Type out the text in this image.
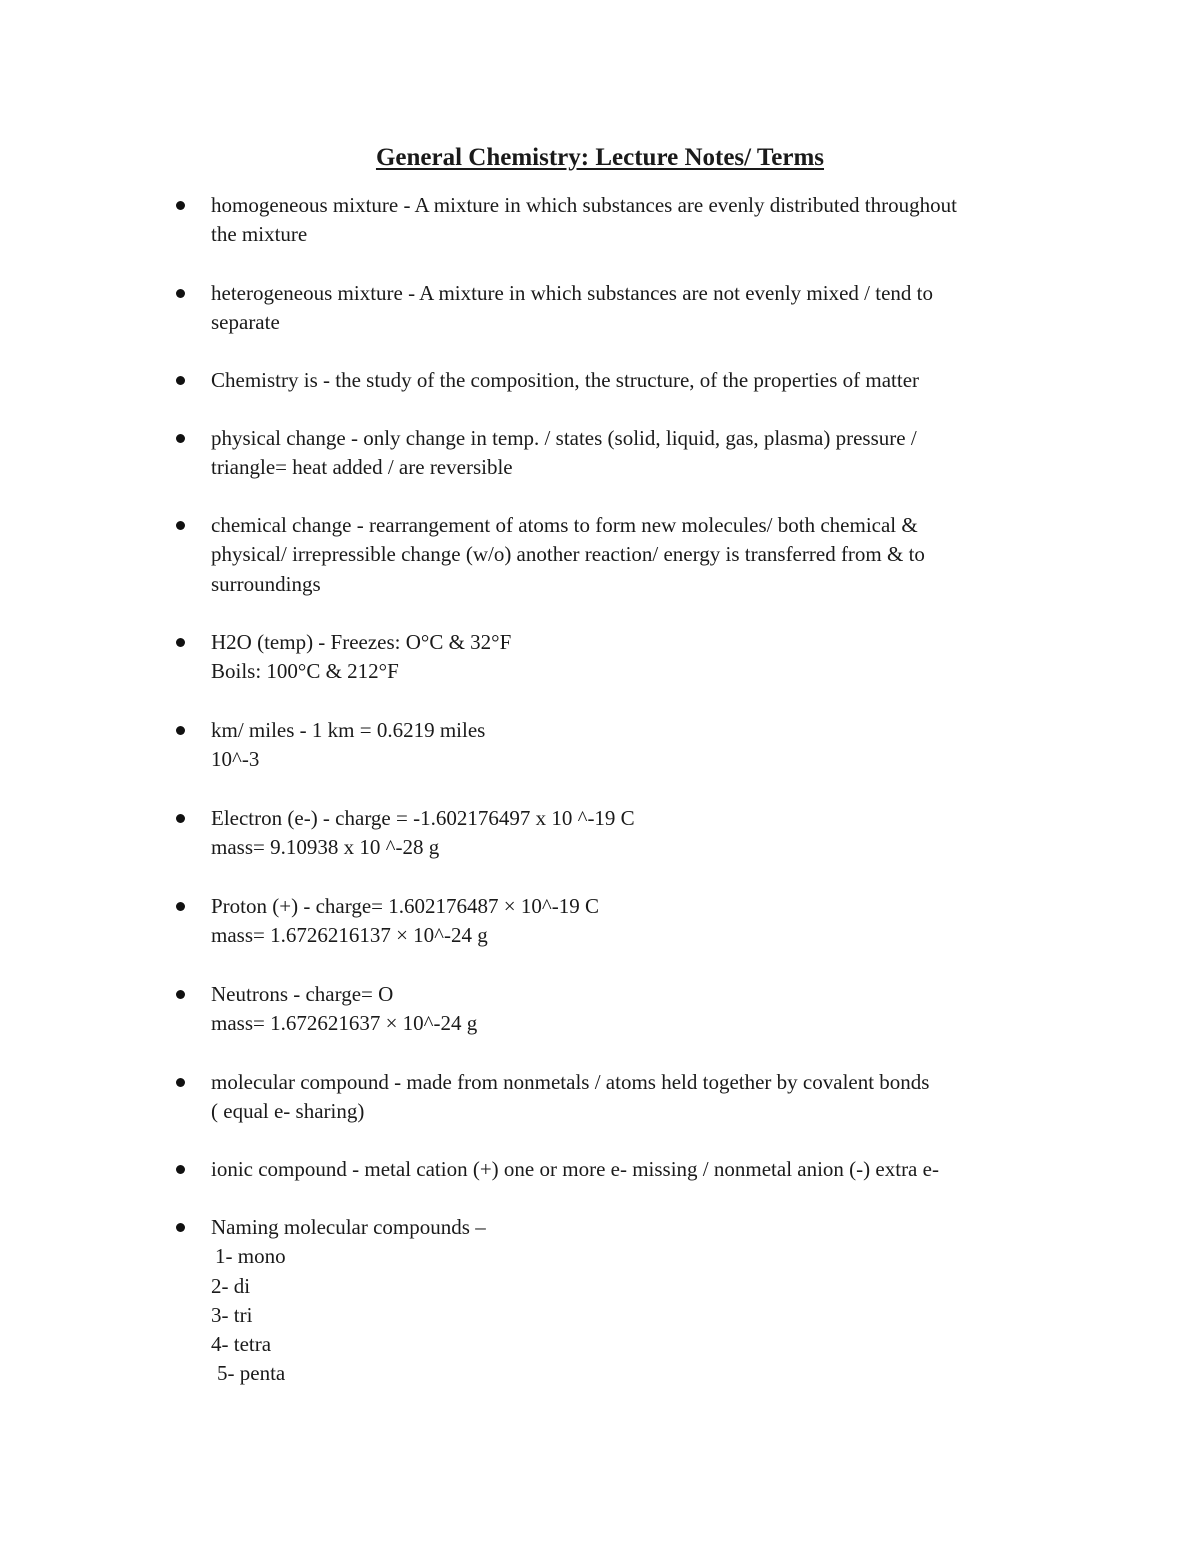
General Chemistry: Lecture Notes/ Terms
homogeneous mixture - A mixture in which substances are evenly distributed throughout
the mixture
heterogeneous mixture - A mixture in which substances are not evenly mixed / tend to
separate
Chemistry is - the study of the composition, the structure, of the properties of matter
physical change - only change in temp. / states (solid, liquid, gas, plasma) pressure /
triangle= heat added / are reversible
chemical change - rearrangement of atoms to form new molecules/ both chemical &
physical/ irrepressible change (w/o) another reaction/ energy is transferred from & to
surroundings
H2O (temp) - Freezes: O°C & 32°F
Boils: 100°C & 212°F
km/ miles - 1 km = 0.6219 miles
10^-3
Electron (e-) - charge = -1.602176497 x 10 ^-19 C
mass= 9.10938 x 10 ^-28 g
Proton (+) - charge= 1.602176487 × 10^-19 C
mass= 1.6726216137 × 10^-24 g
Neutrons - charge= O
mass= 1.672621637 × 10^-24 g
molecular compound - made from nonmetals / atoms held together by covalent bonds
( equal e- sharing)
ionic compound - metal cation (+) one or more e- missing / nonmetal anion (-) extra e-
Naming molecular compounds –
1- mono
2- di
3- tri
4- tetra
5- penta
